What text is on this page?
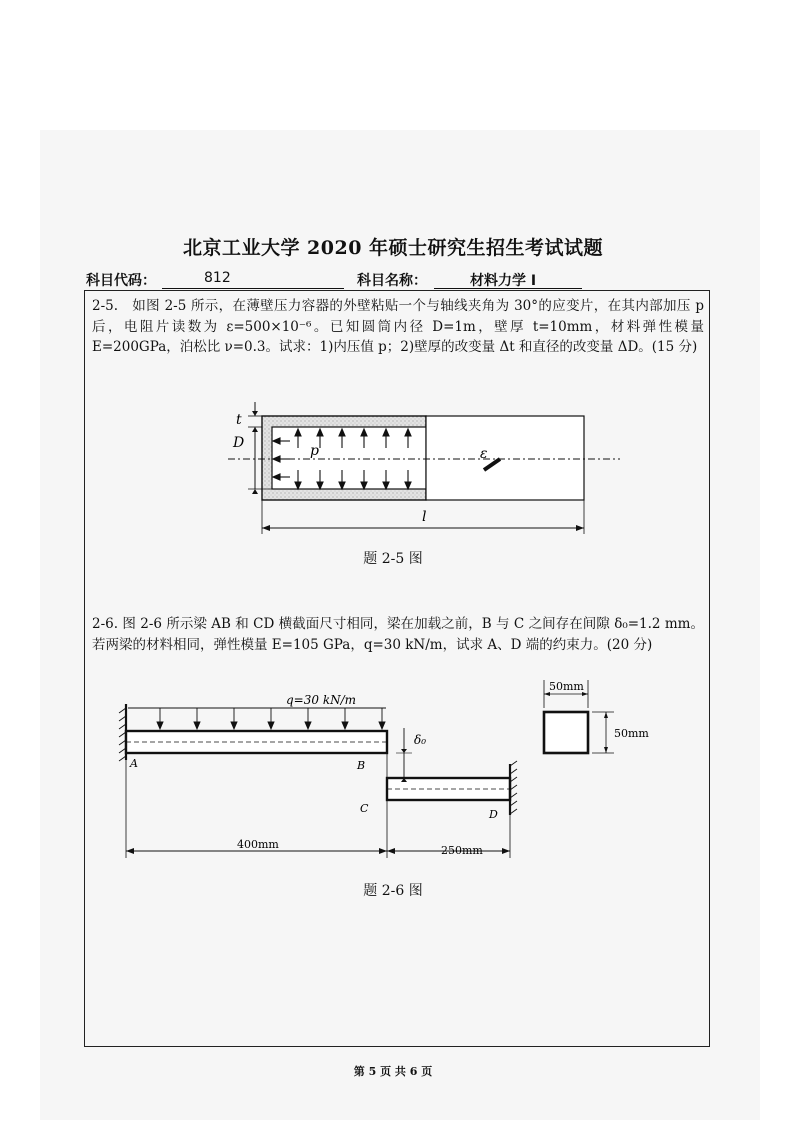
北京工业大学 2020 年硕士研究生招生考试试题
科目代码：	812	科目名称：	材料力学 I
2-5.　如图 2-5 所示，在薄壁压力容器的外壁粘贴一个与轴线夹角为 30°的应变片，在其内部加压 p 后，电阻片读数为 ε=500×10⁻⁶。已知圆筒内径 D=1m，壁厚 t=10mm，材料弹性模量 E=200GPa，泊松比 ν=0.3。试求：1)内压值 p；2)壁厚的改变量 Δt 和直径的改变量 ΔD。(15 分)
t
D	p	ε
l
题 2-5 图
2-6. 图 2-6 所示梁 AB 和 CD 横截面尺寸相同，梁在加载之前，B 与 C 之间存在间隙 δ₀=1.2 mm。若两梁的材料相同，弹性模量 E=105 GPa，q=30 kN/m，试求 A、D 端的约束力。(20 分)
q=30 kN/m
A	B
C	D
δ₀
400mm	250mm
50mm
50mm
题 2-6 图
第 5 页 共 6 页
